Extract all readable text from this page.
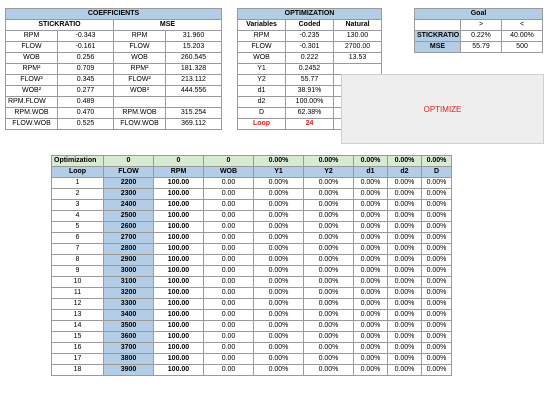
COEFFICIENTS			
STICKRATIO		MSE	
RPM	-0.343	RPM	31.960
FLOW	-0.161	FLOW	15.203
WOB	0.256	WOB	260.545
RPM²	0.709	RPM²	181.328
FLOW²	0.345	FLOW²	213.112
WOB²	0.277	WOB²	444.556
RPM.FLOW	0.489		
RPM.WOB	0.470	RPM.WOB	315.254
FLOW.WOB	0.525	FLOW.WOB	369.112
OPTIMIZATION		
Variables	Coded	Natural
RPM	-0.235	130.00
FLOW	-0.301	2700.00
WOB	0.222	13.53
Y1	0.2452	
Y2	55.77	
d1	38.91%	
d2	100.00%	
D	62.38%	
Loop	24	
Goal		
	>	<
STICKRATIO	0.22%	40.00%
MSE	55.79	500
OPTIMIZE
Optimization	0	0	0	0.00%	0.00%	0.00%	0.00%	0.00%
Loop	FLOW	RPM	WOB	Y1	Y2	d1	d2	D
1	2200	100.00	0.00	0.00%	0.00%	0.00%	0.00%	0.00%
2	2300	100.00	0.00	0.00%	0.00%	0.00%	0.00%	0.00%
3	2400	100.00	0.00	0.00%	0.00%	0.00%	0.00%	0.00%
4	2500	100.00	0.00	0.00%	0.00%	0.00%	0.00%	0.00%
5	2600	100.00	0.00	0.00%	0.00%	0.00%	0.00%	0.00%
6	2700	100.00	0.00	0.00%	0.00%	0.00%	0.00%	0.00%
7	2800	100.00	0.00	0.00%	0.00%	0.00%	0.00%	0.00%
8	2900	100.00	0.00	0.00%	0.00%	0.00%	0.00%	0.00%
9	3000	100.00	0.00	0.00%	0.00%	0.00%	0.00%	0.00%
10	3100	100.00	0.00	0.00%	0.00%	0.00%	0.00%	0.00%
11	3200	100.00	0.00	0.00%	0.00%	0.00%	0.00%	0.00%
12	3300	100.00	0.00	0.00%	0.00%	0.00%	0.00%	0.00%
13	3400	100.00	0.00	0.00%	0.00%	0.00%	0.00%	0.00%
14	3500	100.00	0.00	0.00%	0.00%	0.00%	0.00%	0.00%
15	3600	100.00	0.00	0.00%	0.00%	0.00%	0.00%	0.00%
16	3700	100.00	0.00	0.00%	0.00%	0.00%	0.00%	0.00%
17	3800	100.00	0.00	0.00%	0.00%	0.00%	0.00%	0.00%
18	3900	100.00	0.00	0.00%	0.00%	0.00%	0.00%	0.00%
